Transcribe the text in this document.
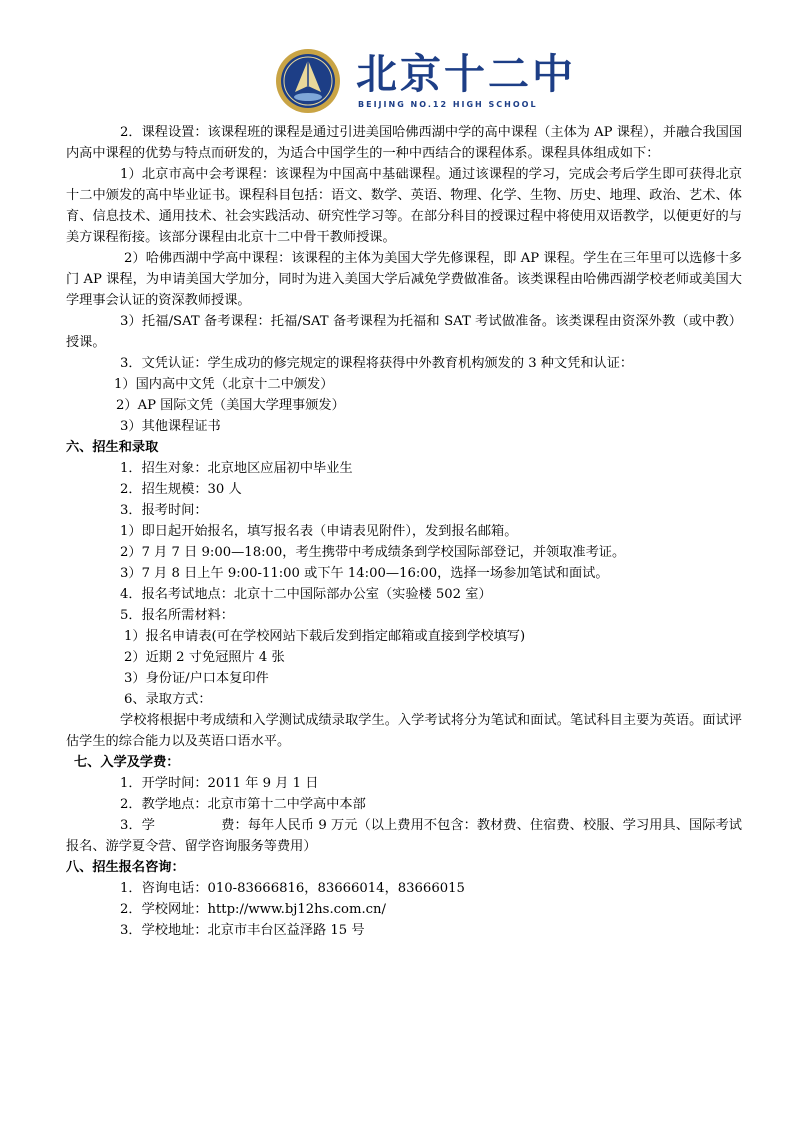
北京十二中
BEIJING NO.12 HIGH SCHOOL

2．课程设置：该课程班的课程是通过引进美国哈佛西湖中学的高中课程（主体为 AP 课程），并融合我国国内高中课程的优势与特点而研发的，为适合中国学生的一种中西结合的课程体系。课程具体组成如下：

1）北京市高中会考课程：该课程为中国高中基础课程。通过该课程的学习，完成会考后学生即可获得北京十二中颁发的高中毕业证书。课程科目包括：语文、数学、英语、物理、化学、生物、历史、地理、政治、艺术、体育、信息技术、通用技术、社会实践活动、研究性学习等。在部分科目的授课过程中将使用双语教学，以便更好的与美方课程衔接。该部分课程由北京十二中骨干教师授课。

2）哈佛西湖中学高中课程：该课程的主体为美国大学先修课程，即 AP 课程。学生在三年里可以选修十多门 AP 课程，为申请美国大学加分，同时为进入美国大学后减免学费做准备。该类课程由哈佛西湖学校老师或美国大学理事会认证的资深教师授课。

3）托福/SAT 备考课程：托福/SAT 备考课程为托福和 SAT 考试做准备。该类课程由资深外教（或中教）授课。

3．文凭认证：学生成功的修完规定的课程将获得中外教育机构颁发的 3 种文凭和认证：

1）国内高中文凭（北京十二中颁发）

2）AP 国际文凭（美国大学理事颁发）

3）其他课程证书

六、招生和录取

1．招生对象：北京地区应届初中毕业生

2．招生规模：30 人

3．报考时间：

1）即日起开始报名，填写报名表（申请表见附件），发到报名邮箱。

2）7 月 7 日 9:00—18:00，考生携带中考成绩条到学校国际部登记，并领取准考证。

3）7 月 8 日上午 9:00-11:00 或下午 14:00—16:00，选择一场参加笔试和面试。

4．报名考试地点：北京十二中国际部办公室（实验楼 502 室）

5．报名所需材料：

1）报名申请表(可在学校网站下载后发到指定邮箱或直接到学校填写)

2）近期 2 寸免冠照片 4 张

3）身份证/户口本复印件

6、录取方式：

学校将根据中考成绩和入学测试成绩录取学生。入学考试将分为笔试和面试。笔试科目主要为英语。面试评估学生的综合能力以及英语口语水平。

七、入学及学费：

1．开学时间：2011 年 9 月 1 日

2．教学地点：北京市第十二中学高中本部

3．学　　　　　费：每年人民币 9 万元（以上费用不包含：教材费、住宿费、校服、学习用具、国际考试报名、游学夏令营、留学咨询服务等费用）

八、招生报名咨询：

1．咨询电话：010-83666816，83666014，83666015

2．学校网址：http://www.bj12hs.com.cn/

3．学校地址：北京市丰台区益泽路 15 号
